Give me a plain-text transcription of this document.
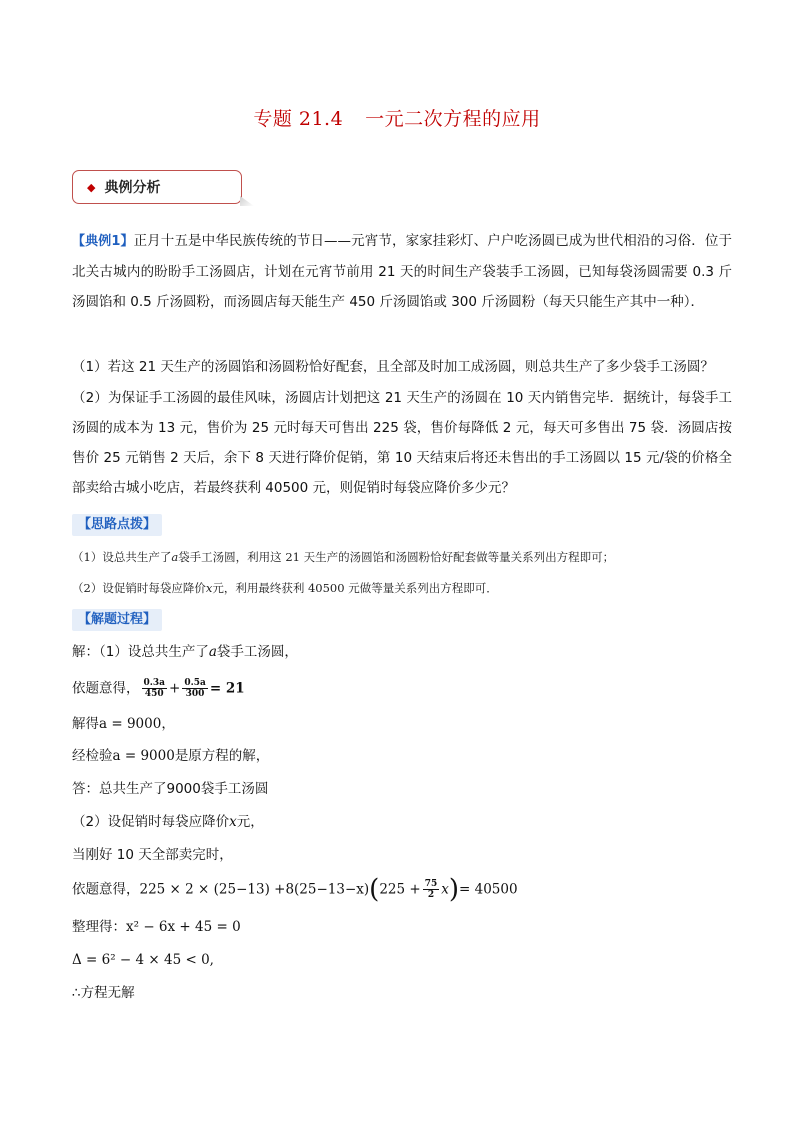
专题 21.4 一元二次方程的应用
◆ 典例分析
【典例1】正月十五是中华民族传统的节日——元宵节，家家挂彩灯、户户吃汤圆已成为世代相沿的习俗．位于北关古城内的盼盼手工汤圆店，计划在元宵节前用 21 天的时间生产袋装手工汤圆，已知每袋汤圆需要 0.3 斤汤圆馅和 0.5 斤汤圆粉，而汤圆店每天能生产 450 斤汤圆馅或 300 斤汤圆粉（每天只能生产其中一种）．
（1）若这 21 天生产的汤圆馅和汤圆粉恰好配套，且全部及时加工成汤圆，则总共生产了多少袋手工汤圆？
（2）为保证手工汤圆的最佳风味，汤圆店计划把这 21 天生产的汤圆在 10 天内销售完毕．据统计，每袋手工汤圆的成本为 13 元，售价为 25 元时每天可售出 225 袋，售价每降低 2 元，每天可多售出 75 袋．汤圆店按售价 25 元销售 2 天后，余下 8 天进行降价促销，第 10 天结束后将还未售出的手工汤圆以 15 元/袋的价格全部卖给古城小吃店，若最终获利 40500 元，则促销时每袋应降价多少元？
【思路点拨】
（1）设总共生产了a袋手工汤圆，利用这 21 天生产的汤圆馅和汤圆粉恰好配套做等量关系列出方程即可；
（2）设促销时每袋应降价x元，利用最终获利 40500 元做等量关系列出方程即可．
【解题过程】
解：（1）设总共生产了a袋手工汤圆，
依题意得， $\frac{0.3a}{450} + \frac{0.5a}{300} = 21$
解得a = 9000，
经检验a = 9000是原方程的解，
答：总共生产了9000袋手工汤圆
（2）设促销时每袋应降价x元，
当刚好 10 天全部卖完时，
依题意得，$225 \times 2 \times (25-13) +8(25-13-x)(225 + \frac{75}{2} x)= 40500$
整理得：x² − 6x + 45 = 0
Δ = 6² − 4 × 45 < 0,
∴方程无解
